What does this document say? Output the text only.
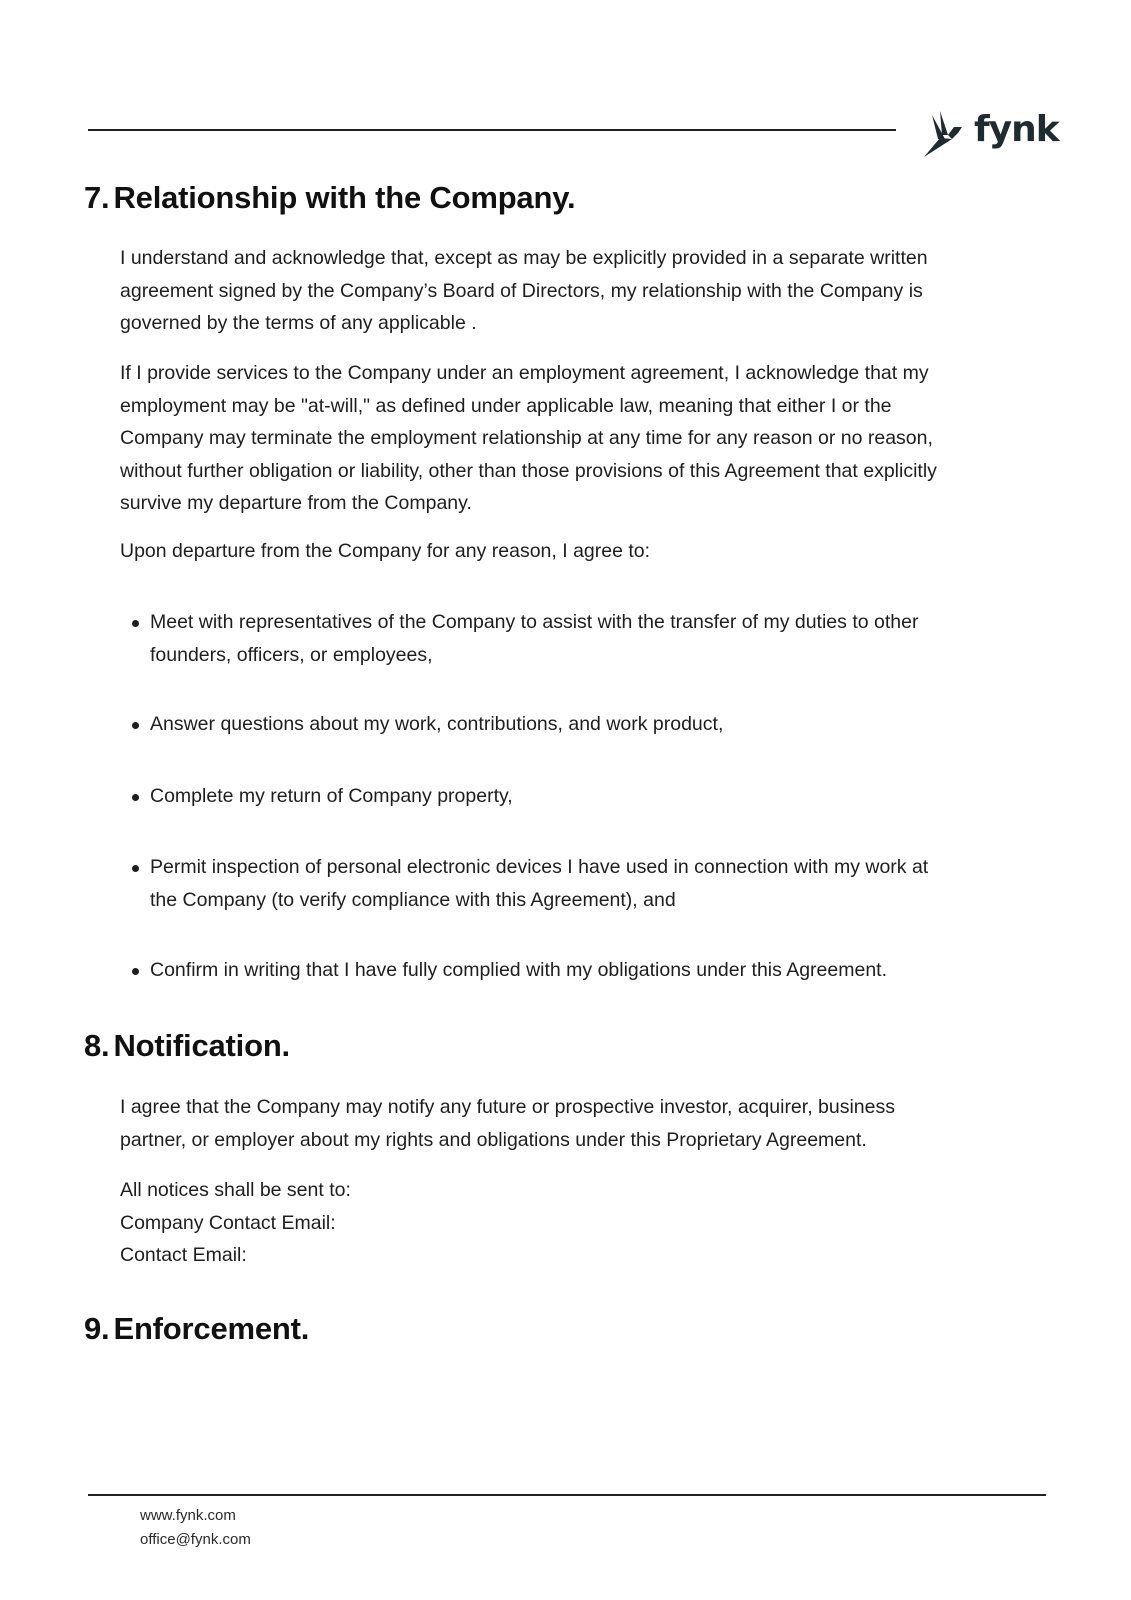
fynk
7. Relationship with the Company.

I understand and acknowledge that, except as may be explicitly provided in a separate written
agreement signed by the Company’s Board of Directors, my relationship with the Company is
governed by the terms of any applicable .

If I provide services to the Company under an employment agreement, I acknowledge that my
employment may be "at-will," as defined under applicable law, meaning that either I or the
Company may terminate the employment relationship at any time for any reason or no reason,
without further obligation or liability, other than those provisions of this Agreement that explicitly
survive my departure from the Company.

Upon departure from the Company for any reason, I agree to:

Meet with representatives of the Company to assist with the transfer of my duties to other
founders, officers, or employees,
Answer questions about my work, contributions, and work product,
Complete my return of Company property,
Permit inspection of personal electronic devices I have used in connection with my work at
the Company (to verify compliance with this Agreement), and
Confirm in writing that I have fully complied with my obligations under this Agreement.
8. Notification.

I agree that the Company may notify any future or prospective investor, acquirer, business
partner, or employer about my rights and obligations under this Proprietary Agreement.

All notices shall be sent to:
Company Contact Email:
Contact Email:

9. Enforcement.
www.fynk.com
office@fynk.com
